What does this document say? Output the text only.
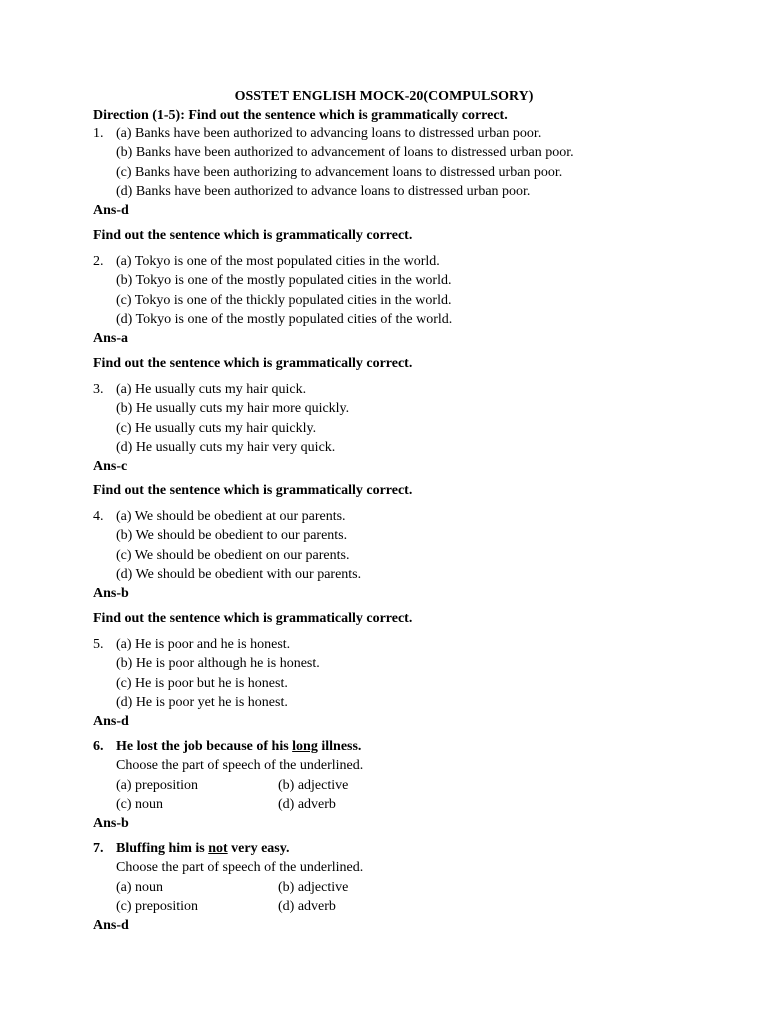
OSSTET ENGLISH MOCK-20(COMPULSORY)
Direction (1-5): Find out the sentence which is grammatically correct.
1. (a) Banks have been authorized to advancing loans to distressed urban poor.
(b) Banks have been authorized to advancement of loans to distressed urban poor.
(c) Banks have been authorizing to advancement loans to distressed urban poor.
(d) Banks have been authorized to advance loans to distressed urban poor.
Ans-d
Find out the sentence which is grammatically correct.
2. (a) Tokyo is one of the most populated cities in the world.
(b) Tokyo is one of the mostly populated cities in the world.
(c) Tokyo is one of the thickly populated cities in the world.
(d) Tokyo is one of the mostly populated cities of the world.
Ans-a
Find out the sentence which is grammatically correct.
3. (a) He usually cuts my hair quick.
(b) He usually cuts my hair more quickly.
(c) He usually cuts my hair quickly.
(d) He usually cuts my hair very quick.
Ans-c
Find out the sentence which is grammatically correct.
4. (a) We should be obedient at our parents.
(b) We should be obedient to our parents.
(c) We should be obedient on our parents.
(d) We should be obedient with our parents.
Ans-b
Find out the sentence which is grammatically correct.
5. (a) He is poor and he is honest.
(b) He is poor although he is honest.
(c) He is poor but he is honest.
(d) He is poor yet he is honest.
Ans-d
6. He lost the job because of his long illness.
Choose the part of speech of the underlined.
(a) preposition	(b) adjective
(c) noun	(d) adverb
Ans-b
7. Bluffing him is not very easy.
Choose the part of speech of the underlined.
(a) noun	(b) adjective
(c) preposition	(d) adverb
Ans-d
